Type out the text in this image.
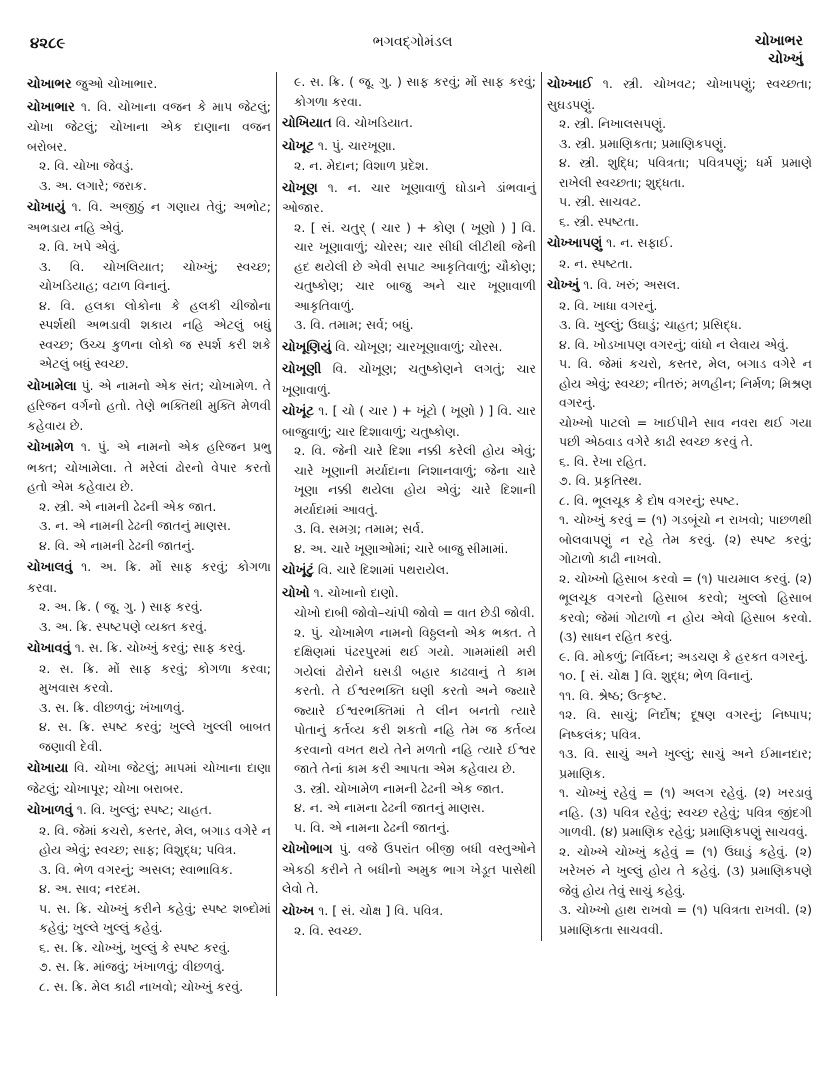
૪૨૮૯	ભગવદ્ગોમંડલ	ચોખાભર
ચોખ્ખું

ચોખાભર જુઓ ચોખાભાર.

ચોખાભાર ૧. વિ. ચોખાના વજન કે માપ જેટલું; ચોખા જેટલું; ચોખાના એક દાણાના વજન બરોબર.

૨. વિ. ચોખા જેવડું.

૩. અ. લગારે; જરાક.

ચોખાયું ૧. વિ. અજીઠું ન ગણાય તેવું; અભોટ; અભડાય નહિ એવું.

૨. વિ. ખપે એવું.

૩. વિ. ચોખલિયાત; ચોખ્ખું; સ્વચ્છ; ચોખડિયાહ; વટાળ વિનાનું.

૪. વિ. હલકા લોકોના કે હલકી ચીજોના સ્પર્શથી અભડાવી શકાય નહિ એટલું બધું સ્વચ્છ; ઉચ્ચ કુળના લોકો જ સ્પર્શ કરી શકે એટલું બધું સ્વચ્છ.

ચોખામેલા પું. એ નામનો એક સંત; ચોખામેળ. તે હરિજન વર્ગનો હતો. તેણે ભક્તિથી મુક્તિ મેળવી કહેવાય છે.

ચોખામેળ ૧. પું. એ નામનો એક હરિજન પ્રભુ ભક્ત; ચોખામેલા. તે મરેલાં ઢોરનો વેપાર કરતો હતો એમ કહેવાય છે.

૨. સ્ત્રી. એ નામની ઢેઢની એક જાત.

૩. ન. એ નામની ઢેઢની જાતનું માણસ.

૪. વિ. એ નામની ઢેઢની જાતનું.

ચોખાલવું ૧. અ. ક્રિ. મોં સાફ કરવું; કોગળા કરવા.

૨. અ. ક્રિ. ( જૂ. ગુ. ) સાફ કરવું.

૩. અ. ક્રિ. સ્પષ્ટપણે વ્યક્ત કરવું.

ચોખાવવું ૧. સ. ક્રિ. ચોખ્ખું કરવું; સાફ કરવું.

૨. સ. ક્રિ. મોં સાફ કરવું; કોગળા કરવા; મુખવાસ કરવો.

૩. સ. ક્રિ. વીછળવું; ખંખાળવું.

૪. સ. ક્રિ. સ્પષ્ટ કરવું; ખુલ્લે ખુલ્લી બાબત જણાવી દેવી.

ચોખાયા વિ. ચોખા જેટલું; માપમાં ચોખાના દાણા જેટલું; ચોખાપૂર; ચોખા બરાબર.

ચોખાળવું ૧. વિ. ખુલ્લું; સ્પષ્ટ; ચાહત.

૨. વિ. જેમાં કચરો, કસ્તર, મેલ, બગાડ વગેરે ન હોય એવું; સ્વચ્છ; સાફ; વિશુદ્ધ; પવિત્ર.

૩. વિ. ભેળ વગરનું; અસલ; સ્વાભાવિક.

૪. અ. સાવ; નરદમ.

૫. સ. ક્રિ. ચોખ્ખું કરીને કહેવું; સ્પષ્ટ શબ્દોમાં કહેવું; ખુલ્લે ખુલ્લું કહેવું.

૬. સ. ક્રિ. ચોખ્ખું, ખુલ્લું કે સ્પષ્ટ કરવું.

૭. સ. ક્રિ. માંજવું; ખંખાળવું; વીછળવું.

૮. સ. ક્રિ. મેલ કાઢી નાખવો; ચોખ્ખું કરવું.

૯. સ. ક્રિ. ( જૂ. ગુ. ) સાફ કરવું; મોં સાફ કરવું; કોગળા કરવા.

ચોખિયાત વિ. ચોખડિયાત.

ચોખૂટ ૧. પું. ચારખૂણા.

૨. ન. મેદાન; વિશાળ પ્રદેશ.

ચોખૂણ ૧. ન. ચાર ખૂણાવાળું ઘોડાને ડાંભવાનું ઓજાર.

૨. [ સં. ચતુર્ ( ચાર ) + કોણ ( ખૂણો ) ] વિ. ચાર ખૂણાવાળું; ચોરસ; ચાર સીધી લીટીથી જેની હદ થયેલી છે એવી સપાટ આકૃતિવાળું; ચૌકોણ; ચતુષ્કોણ; ચાર બાજુ અને ચાર ખૂણાવાળી આકૃતિવાળું.

૩. વિ. તમામ; સર્વ; બધું.

ચોખૂણિયું વિ. ચોખૂણ; ચારખૂણાવાળું; ચોરસ.

ચોખૂણી વિ. ચોખૂણ; ચતુષ્કોણને લગતું; ચાર ખૂણાવાળું.

ચોખૂંટ ૧. [ ચો ( ચાર ) + ખૂંટો ( ખૂણો ) ] વિ. ચાર બાજુવાળું; ચાર દિશાવાળું; ચતુષ્કોણ.

૨. વિ. જેની ચારે દિશા નક્કી કરેલી હોય એવું; ચારે ખૂણાની મર્યાદાના નિશાનવાળું; જેના ચારે ખૂણા નક્કી થયેલા હોય એવું; ચારે દિશાની મર્યાદામાં આવતું.

૩. વિ. સમગ્ર; તમામ; સર્વ.

૪. અ. ચારે ખૂણાઓમાં; ચારે બાજુ સીમામાં.

ચોખૂંટું વિ. ચારે દિશામાં પથરાયેલ.

ચોખો ૧. ચોખાનો દાણો.

ચોખો દાબી જોવો–ચાંપી જોવો = વાત છેડી જોવી.

૨. પું. ચોખામેળ નામનો વિઠ્ઠલનો એક ભક્ત. તે દક્ષિણમાં પંઢરપુરમાં થઈ ગયો. ગામમાંથી મરી ગયેલાં ઢોરોને ઘસડી બહાર કાઢવાનું તે કામ કરતો. તે ઈશ્વરભક્તિ ઘણી કરતો અને જ્યારે જ્યારે ઈશ્વરભક્તિમાં તે લીન બનતો ત્યારે પોતાનું કર્તવ્ય કરી શકતો નહિ તેમ જ કર્તવ્ય કરવાનો વખત થયે તેને મળતો નહિ ત્યારે ઈશ્વર જાતે તેનાં કામ કરી આપતા એમ કહેવાય છે.

૩. સ્ત્રી. ચોખામેળ નામની ઢેઢની એક જાત.

૪. ન. એ નામના ઢેઢની જાતનું માણસ.

૫. વિ. એ નામના ઢેઢની જાતનું.

ચોખોભાગ પું. વજે ઉપરાંત બીજી બધી વસ્તુઓને એકઠી કરીને તે બધીનો અમુક ભાગ ખેડૂત પાસેથી લેવો તે.

ચોખ્ખ ૧. [ સં. ચોક્ષ ] વિ. પવિત્ર.

૨. વિ. સ્વચ્છ.

ચોખ્ખાઈ ૧. સ્ત્રી. ચોખવટ; ચોખાપણું; સ્વચ્છતા; સુઘડપણું.

૨. સ્ત્રી. નિખાલસપણું.

૩. સ્ત્રી. પ્રમાણિકતા; પ્રમાણિકપણું.

૪. સ્ત્રી. શુદ્ધિ; પવિત્રતા; પવિત્રપણું; ધર્મ પ્રમાણે રાખેલી સ્વચ્છતા; શુદ્ધતા.

૫. સ્ત્રી. સાચવટ.

૬. સ્ત્રી. સ્પષ્ટતા.

ચોખ્ખાપણું ૧. ન. સફાઈ.

૨. ન. સ્પષ્ટતા.

ચોખ્ખું ૧. વિ. ખરું; અસલ.

૨. વિ. ખાધા વગરનું.

૩. વિ. ખુલ્લું; ઉઘાડું; ચાહત; પ્રસિદ્ધ.

૪. વિ. ખોડખાપણ વગરનું; વાંધો ન લેવાય એવું.

૫. વિ. જેમાં કચરો, કસ્તર, મેલ, બગાડ વગેરે ન હોય એવું; સ્વચ્છ; નીતરું; મળહીન; નિર્મળ; મિશ્રણ વગરનું.

ચોખ્ખો પાટલો = ખાઈપીને સાવ નવરા થઈ ગયા પછી એઠવાડ વગેરે કાઢી સ્વચ્છ કરવું તે.

૬. વિ. રેખા રહિત.

૭. વિ. પ્રકૃતિસ્થ.

૮. વિ. ભૂલચૂક કે દોષ વગરનું; સ્પષ્ટ.

૧. ચોખ્ખું કરવું = (૧) ગડબૂંચો ન રાખવો; પાછળથી બોલવાપણું ન રહે તેમ કરવું. (૨) સ્પષ્ટ કરવું; ગોટાળો કાઢી નાખવો.

૨. ચોખ્ખો હિસાબ કરવો = (૧) પાયમાલ કરવું. (૨) ભૂલચૂક વગરનો હિસાબ કરવો; ખુલ્લો હિસાબ કરવો; જેમાં ગોટાળો ન હોય એવો હિસાબ કરવો. (૩) સાધન રહિત કરવું.

૯. વિ. મોકળું; નિર્વિઘ્ન; અડચણ કે હરકત વગરનું.

૧૦. [ સં. ચોક્ષ ] વિ. શુદ્ધ; ભેળ વિનાનું.

૧૧. વિ. શ્રેષ્ઠ; ઉત્કૃષ્ટ.

૧૨. વિ. સાચું; નિર્દોષ; દૂષણ વગરનું; નિષ્પાપ; નિષ્કલંક; પવિત્ર.

૧૩. વિ. સાચું અને ખુલ્લું; સાચું અને ઈમાનદાર; પ્રમાણિક.

૧. ચોખ્ખું રહેવું = (૧) અલગ રહેવું. (૨) ખરડાવું નહિ. (૩) પવિત્ર રહેવું; સ્વચ્છ રહેવું; પવિત્ર જીંદગી ગાળવી. (૪) પ્રમાણિક રહેવું; પ્રમાણિકપણું સાચવવું.

૨. ચોખ્ખે ચોખ્ખું કહેવું = (૧) ઉઘાડું કહેવું. (૨) ખરેખરું ને ખુલ્લું હોય તે કહેવું. (૩) પ્રમાણિકપણે જેવું હોય તેવું સાચું કહેવું.

૩. ચોખ્ખો હાથ રાખવો = (૧) પવિત્રતા રાખવી. (૨) પ્રમાણિકતા સાચવવી.
